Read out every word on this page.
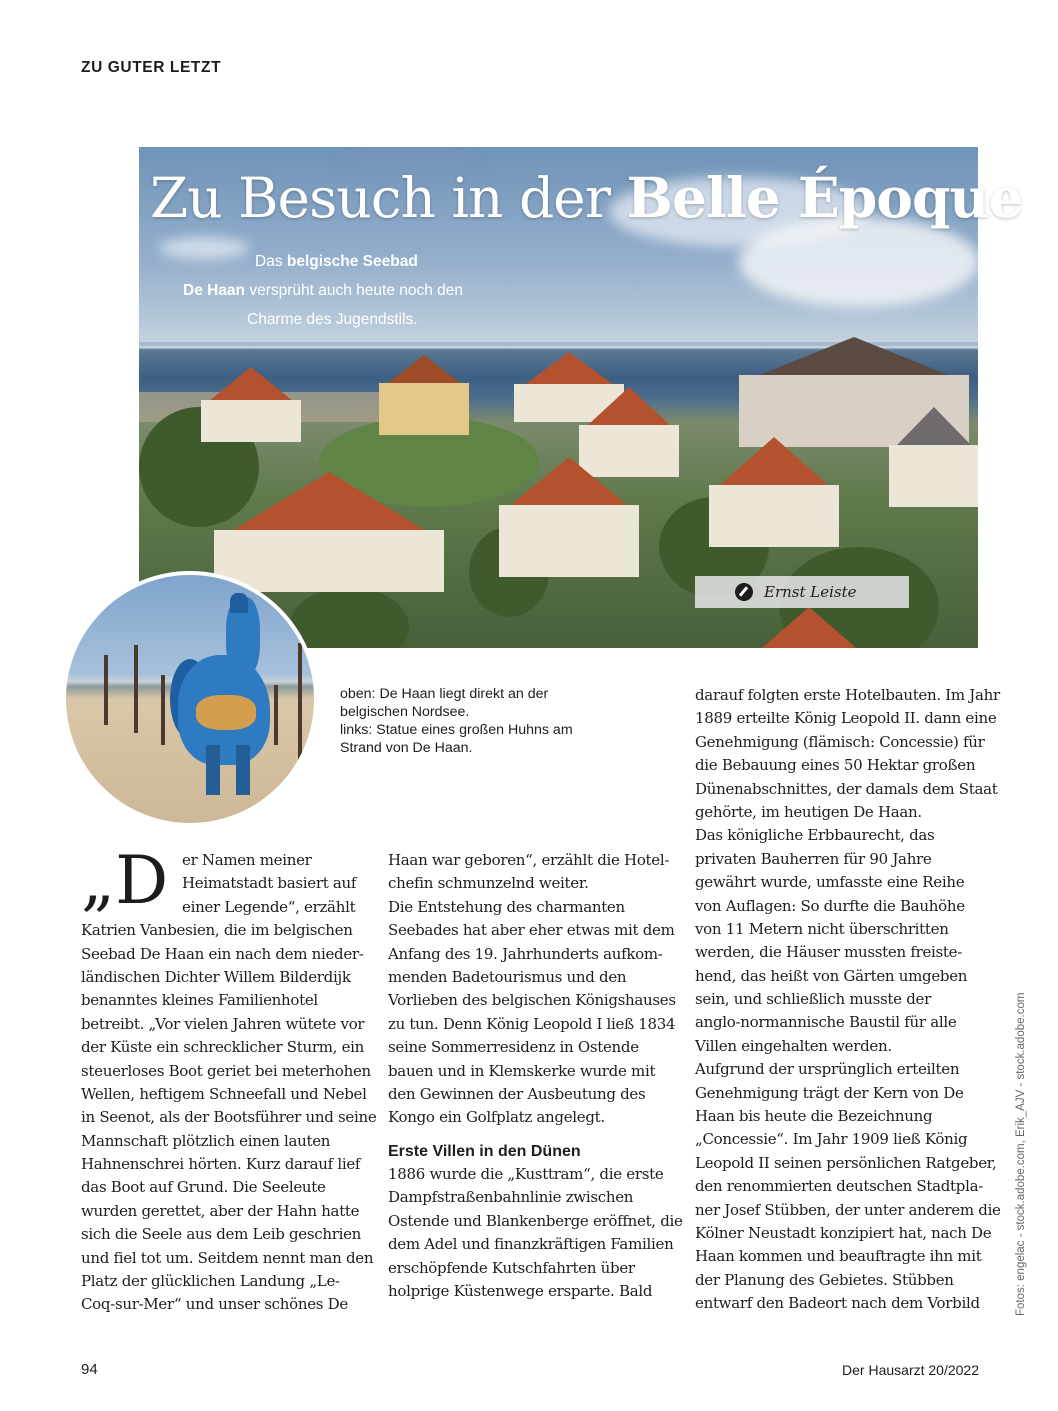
ZU GUTER LETZT
Zu Besuch in der Belle Époque
Das belgische Seebad
De Haan versprüht auch heute noch den
Charme des Jugendstils.
Ernst Leiste
oben: De Haan liegt direkt an der
belgischen Nordsee.
links: Statue eines großen Huhns am
Strand von De Haan.
„D er Namen meiner
Heimatstadt basiert auf
einer Legende“, erzählt
Katrien Vanbesien, die im belgischen
Seebad De Haan ein nach dem nieder-
ländischen Dichter Willem Bilderdijk
benanntes kleines Familienhotel
betreibt. „Vor vielen Jahren wütete vor
der Küste ein schrecklicher Sturm, ein
steuerloses Boot geriet bei meterhohen
Wellen, heftigem Schneefall und Nebel
in Seenot, als der Bootsführer und seine
Mannschaft plötzlich einen lauten
Hahnenschrei hörten. Kurz darauf lief
das Boot auf Grund. Die Seeleute
wurden gerettet, aber der Hahn hatte
sich die Seele aus dem Leib geschrien
und fiel tot um. Seitdem nennt man den
Platz der glücklichen Landung „Le-
Coq-sur-Mer“ und unser schönes De
Haan war geboren“, erzählt die Hotel-
chefin schmunzelnd weiter.
Die Entstehung des charmanten
Seebades hat aber eher etwas mit dem
Anfang des 19. Jahrhunderts aufkom-
menden Badetourismus und den
Vorlieben des belgischen Königshauses
zu tun. Denn König Leopold I ließ 1834
seine Sommerresidenz in Ostende
bauen und in Klemskerke wurde mit
den Gewinnen der Ausbeutung des
Kongo ein Golfplatz angelegt.
Erste Villen in den Dünen
1886 wurde die „Kusttram“, die erste
Dampfstraßenbahnlinie zwischen
Ostende und Blankenberge eröffnet, die
dem Adel und finanzkräftigen Familien
erschöpfende Kutschfahrten über
holprige Küstenwege ersparte. Bald
darauf folgten erste Hotelbauten. Im Jahr
1889 erteilte König Leopold II. dann eine
Genehmigung (flämisch: Concessie) für
die Bebauung eines 50 Hektar großen
Dünenabschnittes, der damals dem Staat
gehörte, im heutigen De Haan.
Das königliche Erbbaurecht, das
privaten Bauherren für 90 Jahre
gewährt wurde, umfasste eine Reihe
von Auflagen: So durfte die Bauhöhe
von 11 Metern nicht überschritten
werden, die Häuser mussten freiste-
hend, das heißt von Gärten umgeben
sein, und schließlich musste der
anglo-normannische Baustil für alle
Villen eingehalten werden.
Aufgrund der ursprünglich erteilten
Genehmigung trägt der Kern von De
Haan bis heute die Bezeichnung
„Concessie“. Im Jahr 1909 ließ König
Leopold II seinen persönlichen Ratgeber,
den renommierten deutschen Stadtpla-
ner Josef Stübben, der unter anderem die
Kölner Neustadt konzipiert hat, nach De
Haan kommen und beauftragte ihn mit
der Planung des Gebietes. Stübben
entwarf den Badeort nach dem Vorbild	Fotos: engelac - stock.adobe.com, Erik_AJV - stock.adobe.com
94	Der Hausarzt 20/2022
